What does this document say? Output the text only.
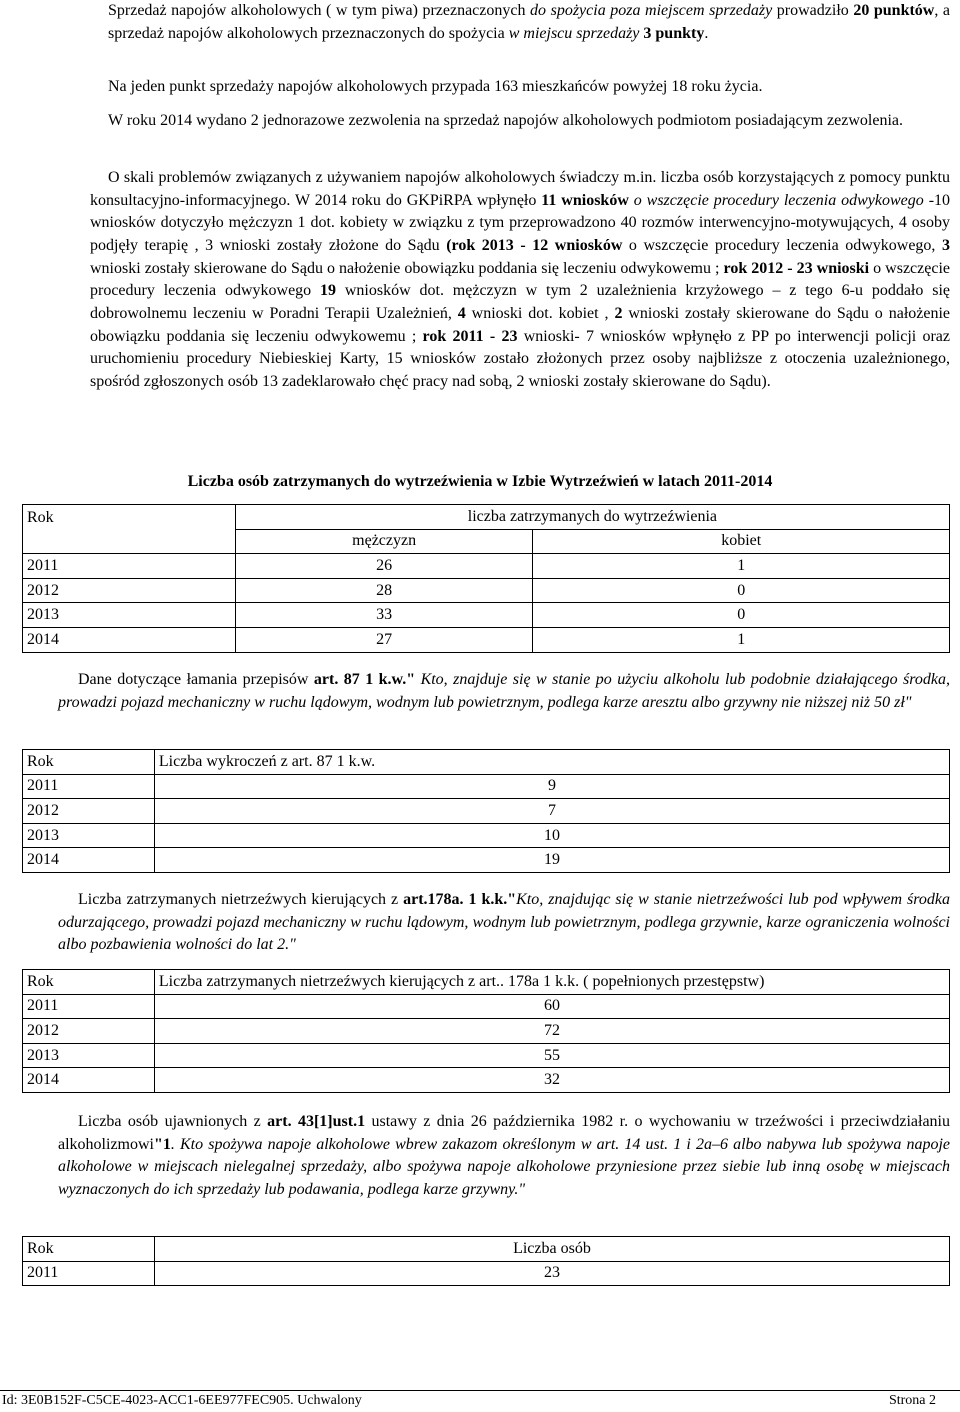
Sprzedaż napojów alkoholowych ( w tym piwa) przeznaczonych do spożycia poza miejscem sprzedaży prowadziło 20 punktów, a sprzedaż napojów alkoholowych przeznaczonych do spożycia w miejscu sprzedaży 3 punkty.

Na jeden punkt sprzedaży napojów alkoholowych przypada 163 mieszkańców powyżej 18 roku życia.

W roku 2014 wydano 2 jednorazowe zezwolenia na sprzedaż napojów alkoholowych podmiotom posiadającym zezwolenia.

O skali problemów związanych z używaniem napojów alkoholowych świadczy m.in. liczba osób korzystających z pomocy punktu konsultacyjno-informacyjnego. W 2014 roku do GKPiRPA wpłynęło 11 wniosków o wszczęcie procedury leczenia odwykowego -10 wniosków dotyczyło mężczyzn 1 dot. kobiety w związku z tym przeprowadzono 40 rozmów interwencyjno-motywujących, 4 osoby podjęły terapię , 3 wnioski zostały złożone do Sądu (rok 2013 - 12 wniosków o wszczęcie procedury leczenia odwykowego, 3 wnioski zostały skierowane do Sądu o nałożenie obowiązku poddania się leczeniu odwykowemu ; rok 2012 - 23 wnioski o wszczęcie procedury leczenia odwykowego 19 wniosków dot. mężczyzn w tym 2 uzależnienia krzyżowego – z tego 6-u poddało się dobrowolnemu leczeniu w Poradni Terapii Uzależnień, 4 wnioski dot. kobiet , 2 wnioski zostały skierowane do Sądu o nałożenie obowiązku poddania się leczeniu odwykowemu ; rok 2011 - 23 wnioski- 7 wniosków wpłynęło z PP po interwencji policji oraz uruchomieniu procedury Niebieskiej Karty, 15 wniosków zostało złożonych przez osoby najbliższe z otoczenia uzależnionego, spośród zgłoszonych osób 13 zadeklarowało chęć pracy nad sobą, 2 wnioski zostały skierowane do Sądu).

Liczba osób zatrzymanych do wytrzeźwienia w Izbie Wytrzeźwień w latach 2011-2014
Rok	liczba zatrzymanych do wytrzeźwienia	
	mężczyzn	kobiet
2011	26	1
2012	28	0
2013	33	0
2014	27	1

Dane dotyczące łamania przepisów art. 87 1 k.w." Kto, znajduje się w stanie po użyciu alkoholu lub podobnie działającego środka, prowadzi pojazd mechaniczny w ruchu lądowym, wodnym lub powietrznym, podlega karze aresztu albo grzywny nie niższej niż 50 zł"

Rok	Liczba wykroczeń z art. 87 1 k.w.
2011	9
2012	7
2013	10
2014	19

Liczba zatrzymanych nietrzeźwych kierujących z art.178a. 1 k.k."Kto, znajdując się w stanie nietrzeźwości lub pod wpływem środka odurzającego, prowadzi pojazd mechaniczny w ruchu lądowym, wodnym lub powietrznym, podlega grzywnie, karze ograniczenia wolności albo pozbawienia wolności do lat 2."

Rok	Liczba zatrzymanych nietrzeźwych kierujących z art.. 178a 1 k.k. ( popełnionych przestępstw)
2011	60
2012	72
2013	55
2014	32

Liczba osób ujawnionych z art. 43[1]ust.1 ustawy z dnia 26 października 1982 r. o wychowaniu w trzeźwości i przeciwdziałaniu alkoholizmowi"1. Kto spożywa napoje alkoholowe wbrew zakazom określonym w art. 14 ust. 1 i 2a–6 albo nabywa lub spożywa napoje alkoholowe w miejscach nielegalnej sprzedaży, albo spożywa napoje alkoholowe przyniesione przez siebie lub inną osobę w miejscach wyznaczonych do ich sprzedaży lub podawania, podlega karze grzywny."

Rok	Liczba osób
2011	23
Id: 3E0B152F-C5CE-4023-ACC1-6EE977FEC905. Uchwalony	Strona 2
